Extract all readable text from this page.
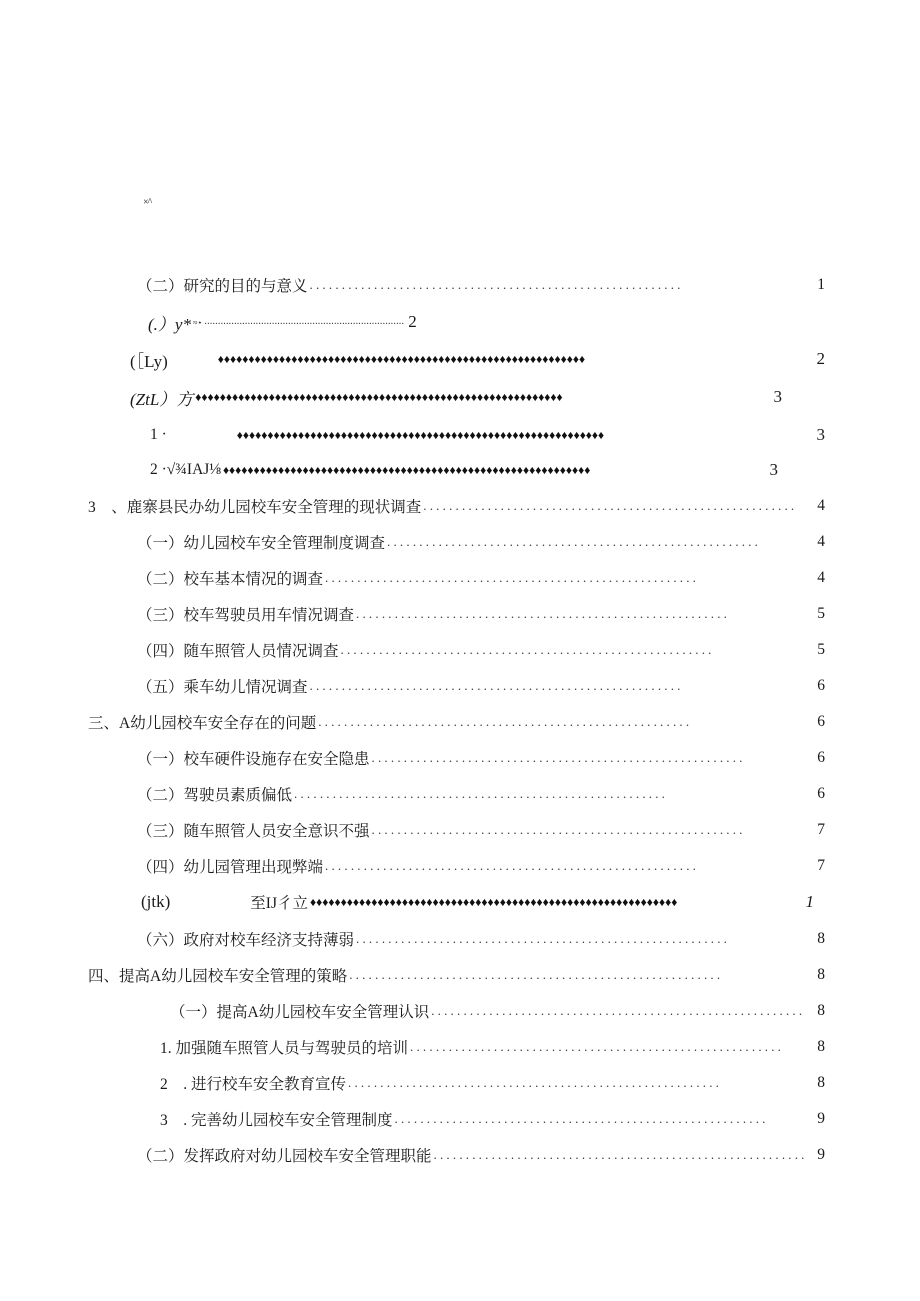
×^
（二）研究的目的与意义 ..........................................................	1
(.）y* ≈⋆ .......................................................................... 2
(［Ly)	♦♦♦♦♦♦♦♦♦♦♦♦♦♦♦♦♦♦♦♦♦♦♦♦♦♦♦♦♦♦♦♦♦♦♦♦♦♦♦♦♦♦♦♦♦♦♦♦♦♦♦♦♦♦♦♦♦♦♦♦	2
(ZtL）方 ♦♦♦♦♦♦♦♦♦♦♦♦♦♦♦♦♦♦♦♦♦♦♦♦♦♦♦♦♦♦♦♦♦♦♦♦♦♦♦♦♦♦♦♦♦♦♦♦♦♦♦♦♦♦♦♦♦♦♦♦	3
1 ·	♦♦♦♦♦♦♦♦♦♦♦♦♦♦♦♦♦♦♦♦♦♦♦♦♦♦♦♦♦♦♦♦♦♦♦♦♦♦♦♦♦♦♦♦♦♦♦♦♦♦♦♦♦♦♦♦♦♦♦♦	3
2 ·√¾IAJ⅛ ♦♦♦♦♦♦♦♦♦♦♦♦♦♦♦♦♦♦♦♦♦♦♦♦♦♦♦♦♦♦♦♦♦♦♦♦♦♦♦♦♦♦♦♦♦♦♦♦♦♦♦♦♦♦♦♦♦♦♦♦	3
3　、鹿寨县民办幼儿园校车安全管理的现状调查 ..........................................................	4
（一）幼儿园校车安全管理制度调查 ..........................................................	4
（二）校车基本情况的调查 ..........................................................	4
（三）校车驾驶员用车情况调查 ..........................................................	5
（四）随车照管人员情况调查 ..........................................................	5
（五）乘车幼儿情况调查 ..........................................................	6
三、A幼儿园校车安全存在的问题 ..........................................................	6
（一）校车硬件设施存在安全隐患 ..........................................................	6
（二）驾驶员素质偏低 ..........................................................	6
（三）随车照管人员安全意识不强 ..........................................................	7
（四）幼儿园管理出现弊端 ..........................................................	7
(jtk)	至IJ彳立 ♦♦♦♦♦♦♦♦♦♦♦♦♦♦♦♦♦♦♦♦♦♦♦♦♦♦♦♦♦♦♦♦♦♦♦♦♦♦♦♦♦♦♦♦♦♦♦♦♦♦♦♦♦♦♦♦♦♦♦♦	1
（六）政府对校车经济支持薄弱 ..........................................................	8
四、提高A幼儿园校车安全管理的策略 ..........................................................	8
（一）提高A幼儿园校车安全管理认识 .......................................................... 8
1. 加强随车照管人员与驾驶员的培训 ..........................................................	8
2　. 进行校车安全教育宣传 ..........................................................	8
3　. 完善幼儿园校车安全管理制度 ..........................................................	9
（二）发挥政府对幼儿园校车安全管理职能 .......................................................... 9
